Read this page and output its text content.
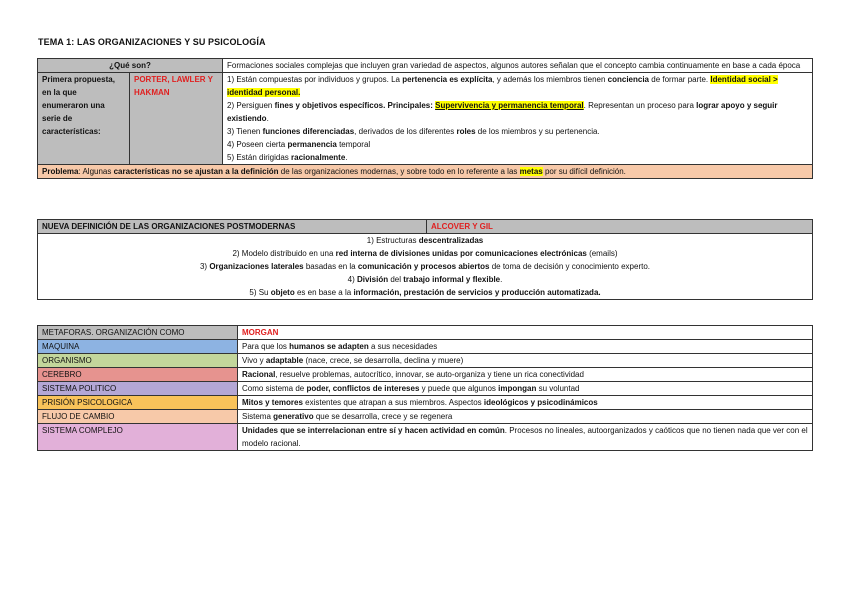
TEMA 1: LAS ORGANIZACIONES Y SU PSICOLOGÍA
¿Qué son?		Formaciones sociales complejas que incluyen gran variedad de aspectos, algunos autores señalan que el concepto cambia continuamente en base a cada época
Primera propuesta, en la que enumeraron una serie de características:	PORTER, LAWLER Y HAKMAN	1) Están compuestas por individuos y grupos. La pertenencia es explícita, y además los miembros tienen conciencia de formar parte. Identidad social > identidad personal.
2) Persiguen fines y objetivos específicos. Principales: Supervivencia y permanencia temporal. Representan un proceso para lograr apoyo y seguir existiendo.
3) Tienen funciones diferenciadas, derivados de los diferentes roles de los miembros y su pertenencia.
4) Poseen cierta permanencia temporal
5) Están dirigidas racionalmente.

Problema: Algunas características no se ajustan a la definición de las organizaciones modernas, y sobre todo en lo referente a las metas por su difícil definición.		
NUEVA DEFINICIÓN DE LAS ORGANIZACIONES POSTMODERNAS	ALCOVER Y GIL

1) Estructuras descentralizadas
2) Modelo distribuido en una red interna de divisiones unidas por comunicaciones electrónicas (emails)
3) Organizaciones laterales basadas en la comunicación y procesos abiertos de toma de decisión y conocimiento experto.
4) División del trabajo informal y flexible.
5) Su objeto es en base a la información, prestación de servicios y producción automatizada.
METAFORAS. ORGANIZACIÓN COMO	MORGAN
MAQUINA	Para que los humanos se adapten a sus necesidades
ORGANISMO	Vivo y adaptable (nace, crece, se desarrolla, declina y muere)
CEREBRO	Racional, resuelve problemas, autocrítico, innovar, se auto-organiza y tiene un rica conectividad
SISTEMA POLITICO	Como sistema de poder, conflictos de intereses y puede que algunos impongan su voluntad
PRISIÓN PSICOLOGICA	Mitos y temores existentes que atrapan a sus miembros. Aspectos ideológicos y psicodinámicos
FLUJO DE CAMBIO	Sistema generativo que se desarrolla, crece y se regenera
SISTEMA COMPLEJO	Unidades que se interrelacionan entre sí y hacen actividad en común. Procesos no lineales, autoorganizados y caóticos que no tienen nada que ver con el modelo racional.
